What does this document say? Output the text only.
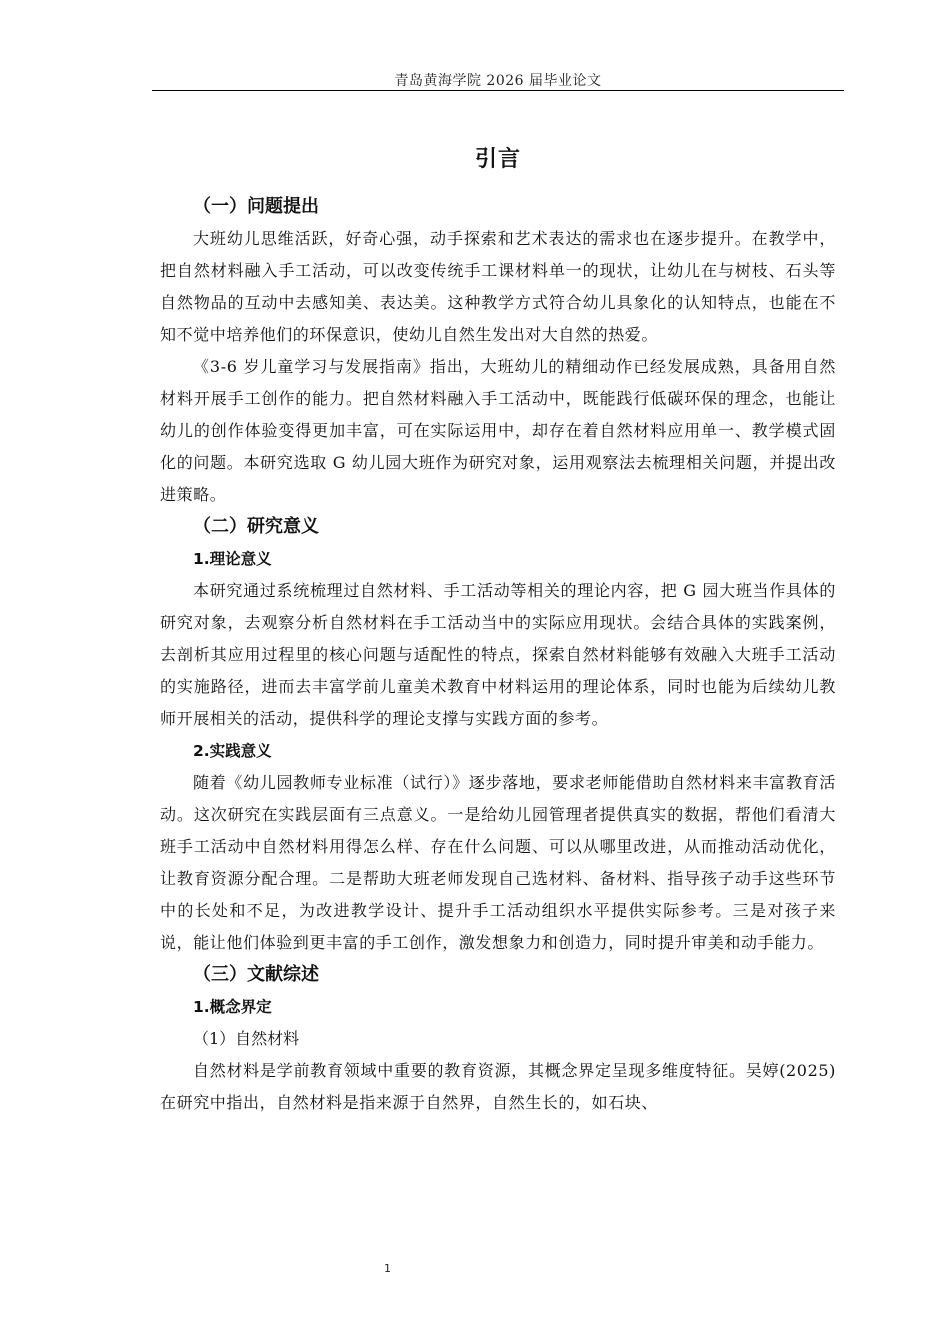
青岛黄海学院 2026 届毕业论文
引言
（一）问题提出
大班幼儿思维活跃，好奇心强，动手探索和艺术表达的需求也在逐步提升。在教学中，把自然材料融入手工活动，可以改变传统手工课材料单一的现状，让幼儿在与树枝、石头等自然物品的互动中去感知美、表达美。这种教学方式符合幼儿具象化的认知特点，也能在不知不觉中培养他们的环保意识，使幼儿自然生发出对大自然的热爱。
《3-6 岁儿童学习与发展指南》指出，大班幼儿的精细动作已经发展成熟，具备用自然材料开展手工创作的能力。把自然材料融入手工活动中，既能践行低碳环保的理念，也能让幼儿的创作体验变得更加丰富，可在实际运用中，却存在着自然材料应用单一、教学模式固化的问题。本研究选取 G 幼儿园大班作为研究对象，运用观察法去梳理相关问题，并提出改进策略。
（二）研究意义
1.理论意义
本研究通过系统梳理过自然材料、手工活动等相关的理论内容，把 G 园大班当作具体的研究对象，去观察分析自然材料在手工活动当中的实际应用现状。会结合具体的实践案例，去剖析其应用过程里的核心问题与适配性的特点，探索自然材料能够有效融入大班手工活动的实施路径，进而去丰富学前儿童美术教育中材料运用的理论体系，同时也能为后续幼儿教师开展相关的活动，提供科学的理论支撑与实践方面的参考。
2.实践意义
随着《幼儿园教师专业标准（试行）》逐步落地，要求老师能借助自然材料来丰富教育活动。这次研究在实践层面有三点意义。一是给幼儿园管理者提供真实的数据，帮他们看清大班手工活动中自然材料用得怎么样、存在什么问题、可以从哪里改进，从而推动活动优化，让教育资源分配合理。二是帮助大班老师发现自己选材料、备材料、指导孩子动手这些环节中的长处和不足，为改进教学设计、提升手工活动组织水平提供实际参考。三是对孩子来说，能让他们体验到更丰富的手工创作，激发想象力和创造力，同时提升审美和动手能力。
（三）文献综述
1.概念界定
（1）自然材料
自然材料是学前教育领域中重要的教育资源，其概念界定呈现多维度特征。吴婷(2025)在研究中指出，自然材料是指来源于自然界，自然生长的，如石块、
1
